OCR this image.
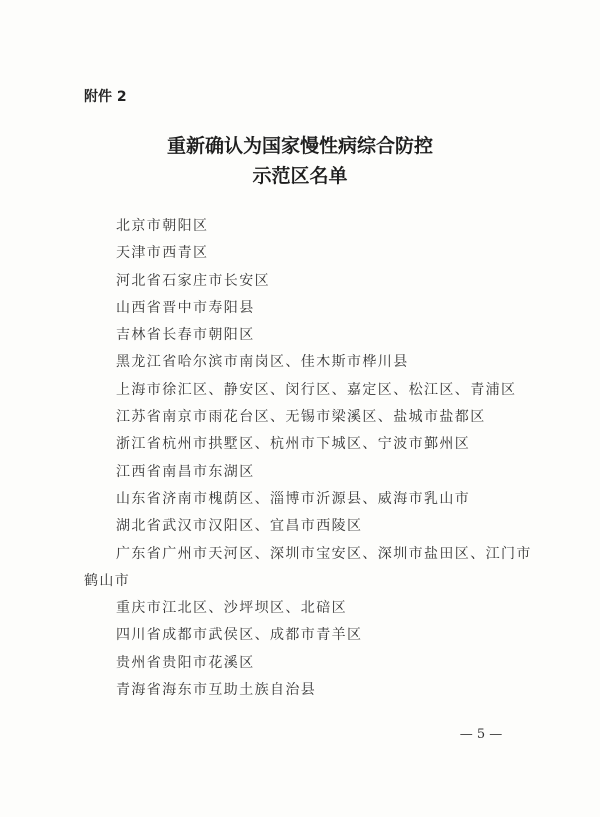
附件 2
重新确认为国家慢性病综合防控
示范区名单
北京市朝阳区
天津市西青区
河北省石家庄市长安区
山西省晋中市寿阳县
吉林省长春市朝阳区
黑龙江省哈尔滨市南岗区、佳木斯市桦川县
上海市徐汇区、静安区、闵行区、嘉定区、松江区、青浦区
江苏省南京市雨花台区、无锡市梁溪区、盐城市盐都区
浙江省杭州市拱墅区、杭州市下城区、宁波市鄞州区
江西省南昌市东湖区
山东省济南市槐荫区、淄博市沂源县、威海市乳山市
湖北省武汉市汉阳区、宜昌市西陵区
广东省广州市天河区、深圳市宝安区、深圳市盐田区、江门市鹤山市
重庆市江北区、沙坪坝区、北碚区
四川省成都市武侯区、成都市青羊区
贵州省贵阳市花溪区
青海省海东市互助土族自治县
— 5 —
